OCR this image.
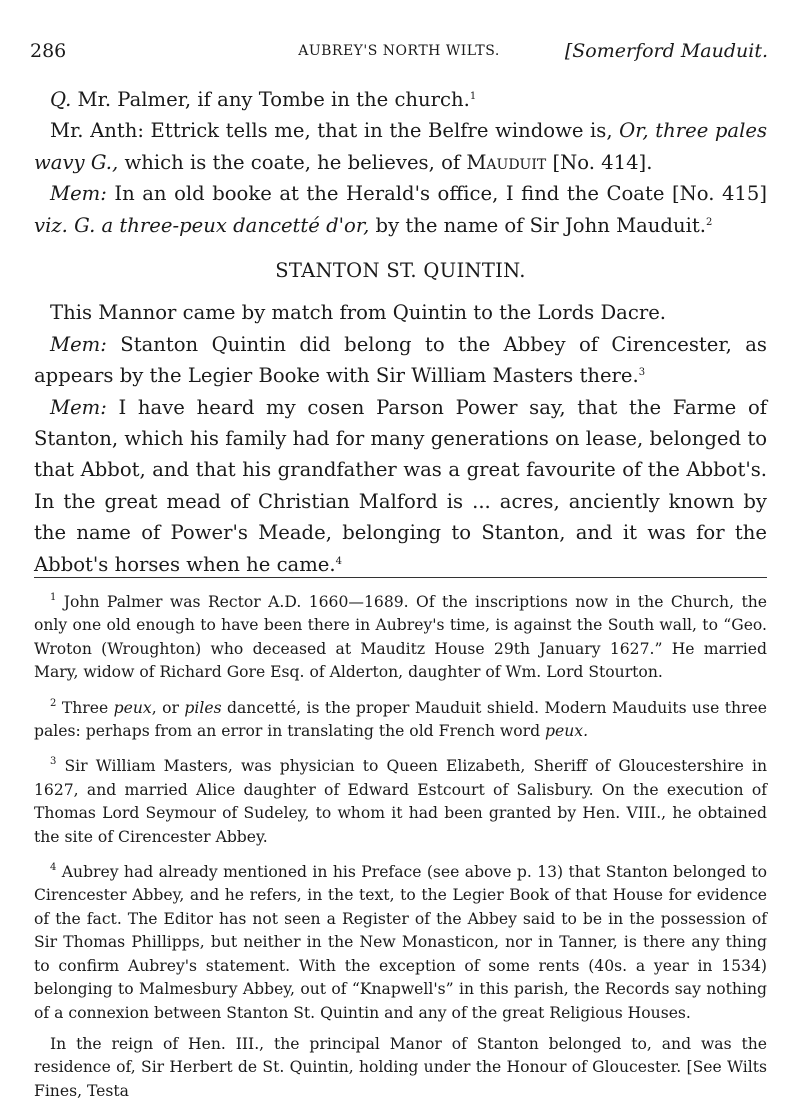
286	AUBREY'S NORTH WILTS.	[Somerford Mauduit.

Q. Mr. Palmer, if any Tombe in the church.$^1$

Mr. Anth: Ettrick tells me, that in the Belfre windowe is, Or, three pales wavy G., which is the coate, he believes, of Mauduit [No. 414].

Mem: In an old booke at the Herald's office, I find the Coate [No. 415] viz. G. a three-peux dancetté d'or, by the name of Sir John Mauduit.$^2$

STANTON ST. QUINTIN.

This Mannor came by match from Quintin to the Lords Dacre.

Mem: Stanton Quintin did belong to the Abbey of Cirencester, as appears by the Legier Booke with Sir William Masters there.$^3$

Mem: I have heard my cosen Parson Power say, that the Farme of Stanton, which his family had for many generations on lease, belonged to that Abbot, and that his grandfather was a great favourite of the Abbot's. In the great mead of Christian Malford is ... acres, anciently known by the name of Power's Meade, belonging to Stanton, and it was for the Abbot's horses when he came.$^4$

$^1$ John Palmer was Rector A.D. 1660—1689. Of the inscriptions now in the Church, the only one old enough to have been there in Aubrey's time, is against the South wall, to “Geo. Wroton (Wroughton) who deceased at Mauditz House 29th January 1627.” He married Mary, widow of Richard Gore Esq. of Alderton, daughter of Wm. Lord Stourton.

$^2$ Three peux, or piles dancetté, is the proper Mauduit shield. Modern Mauduits use three pales: perhaps from an error in translating the old French word peux.

$^3$ Sir William Masters, was physician to Queen Elizabeth, Sheriff of Gloucestershire in 1627, and married Alice daughter of Edward Estcourt of Salisbury. On the execution of Thomas Lord Seymour of Sudeley, to whom it had been granted by Hen. VIII., he obtained the site of Cirencester Abbey.

$^4$ Aubrey had already mentioned in his Preface (see above p. 13) that Stanton belonged to Cirencester Abbey, and he refers, in the text, to the Legier Book of that House for evidence of the fact. The Editor has not seen a Register of the Abbey said to be in the possession of Sir Thomas Phillipps, but neither in the New Monasticon, nor in Tanner, is there any thing to confirm Aubrey's statement. With the exception of some rents (40s. a year in 1534) belonging to Malmesbury Abbey, out of “Knapwell's” in this parish, the Records say nothing of a connexion between Stanton St. Quintin and any of the great Religious Houses.

In the reign of Hen. III., the principal Manor of Stanton belonged to, and was the residence of, Sir Herbert de St. Quintin, holding under the Honour of Gloucester. [See Wilts Fines, Testa
